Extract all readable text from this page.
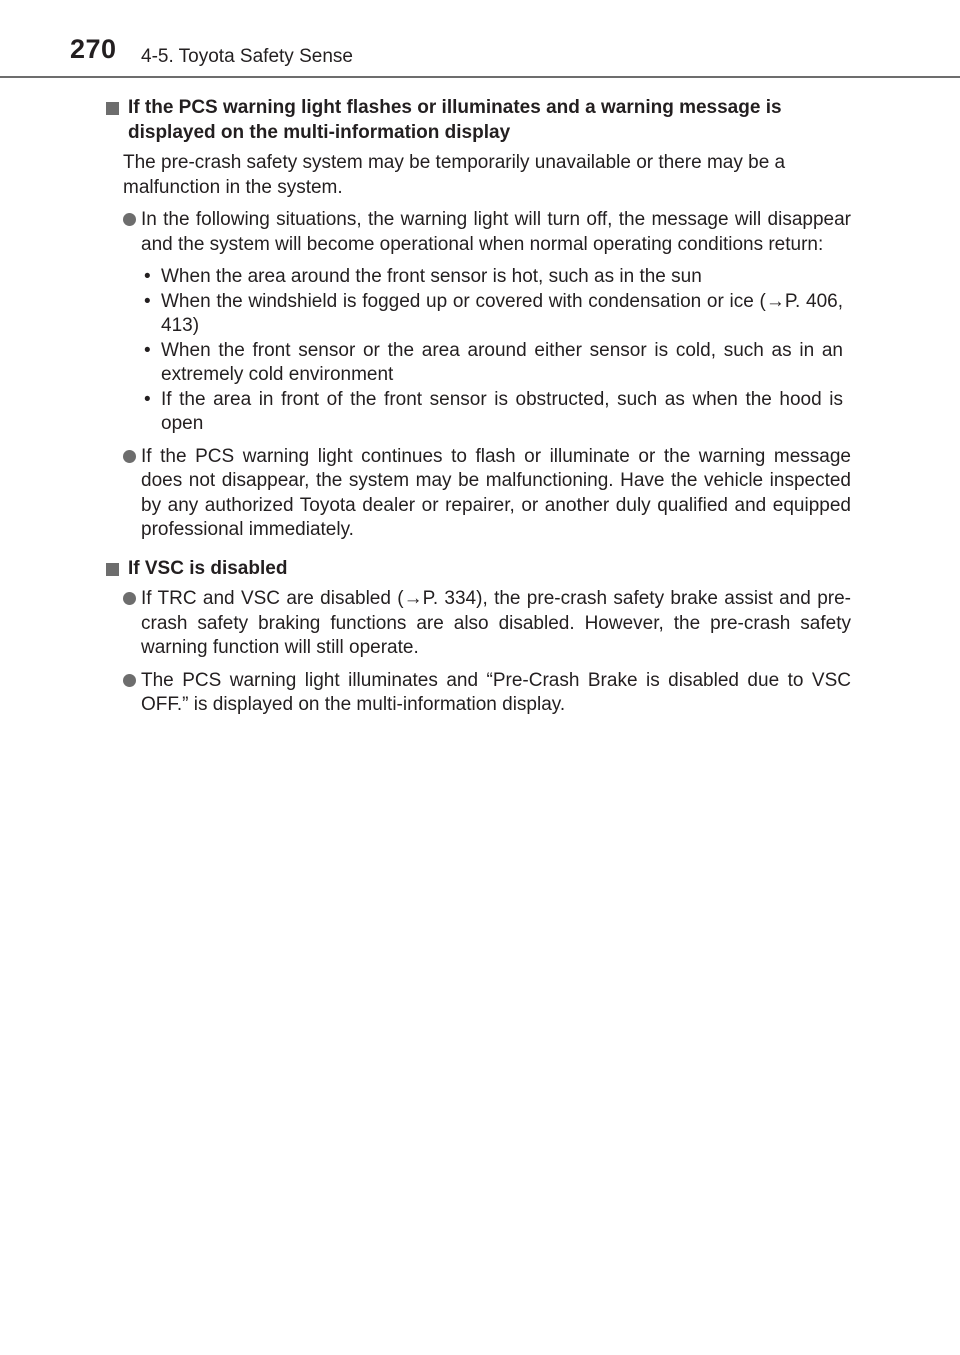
270 4-5. Toyota Safety Sense
If the PCS warning light flashes or illuminates and a warning message is displayed on the multi-information display
The pre-crash safety system may be temporarily unavailable or there may be a malfunction in the system.
In the following situations, the warning light will turn off, the message will disappear and the system will become operational when normal operating conditions return:
• When the area around the front sensor is hot, such as in the sun
• When the windshield is fogged up or covered with condensation or ice (→P. 406, 413)
• When the front sensor or the area around either sensor is cold, such as in an extremely cold environment
• If the area in front of the front sensor is obstructed, such as when the hood is open
If the PCS warning light continues to flash or illuminate or the warning message does not disappear, the system may be malfunctioning. Have the vehicle inspected by any authorized Toyota dealer or repairer, or another duly qualified and equipped professional immediately.
If VSC is disabled
If TRC and VSC are disabled (→P. 334), the pre-crash safety brake assist and pre-crash safety braking functions are also disabled. However, the pre-crash safety warning function will still operate.
The PCS warning light illuminates and “Pre-Crash Brake is disabled due to VSC OFF.” is displayed on the multi-information display.
